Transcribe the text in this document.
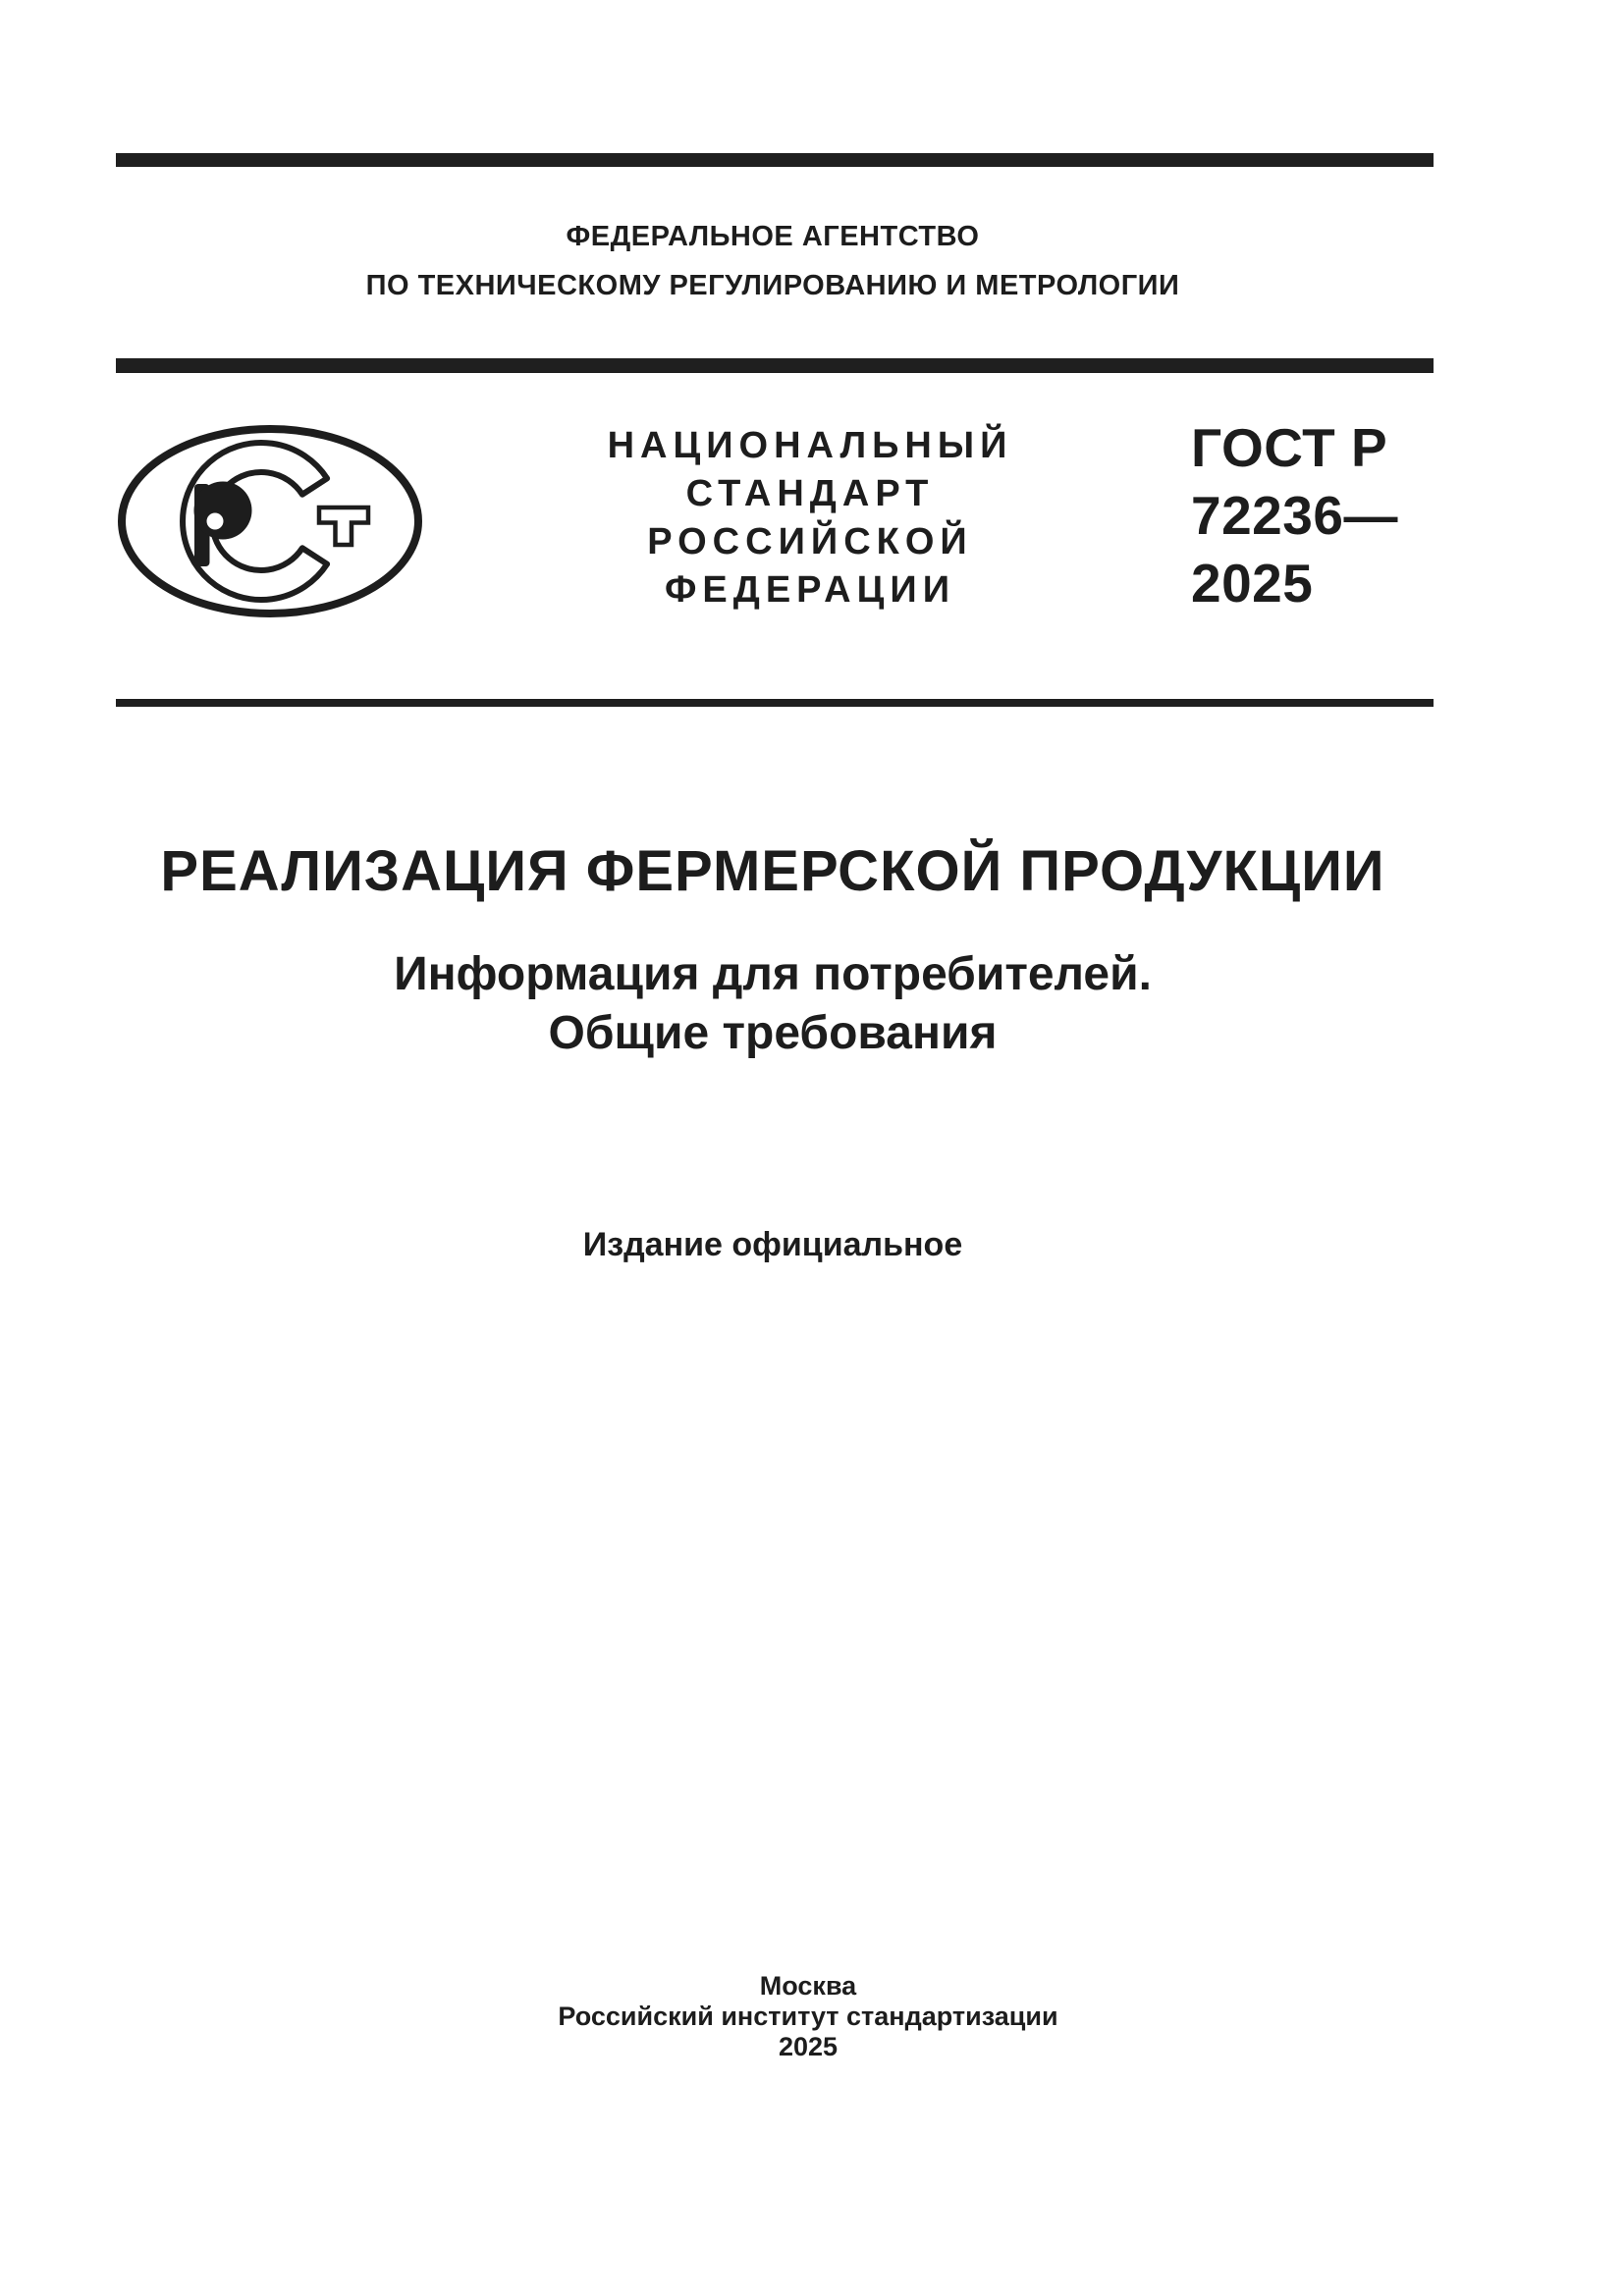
ФЕДЕРАЛЬНОЕ АГЕНТСТВО
ПО ТЕХНИЧЕСКОМУ РЕГУЛИРОВАНИЮ И МЕТРОЛОГИИ
НАЦИОНАЛЬНЫЙ
СТАНДАРТ
РОССИЙСКОЙ
ФЕДЕРАЦИИ
ГОСТ Р
72236—
2025
РЕАЛИЗАЦИЯ ФЕРМЕРСКОЙ ПРОДУКЦИИ
Информация для потребителей.
Общие требования
Издание официальное
Москва
Российский институт стандартизации
2025
